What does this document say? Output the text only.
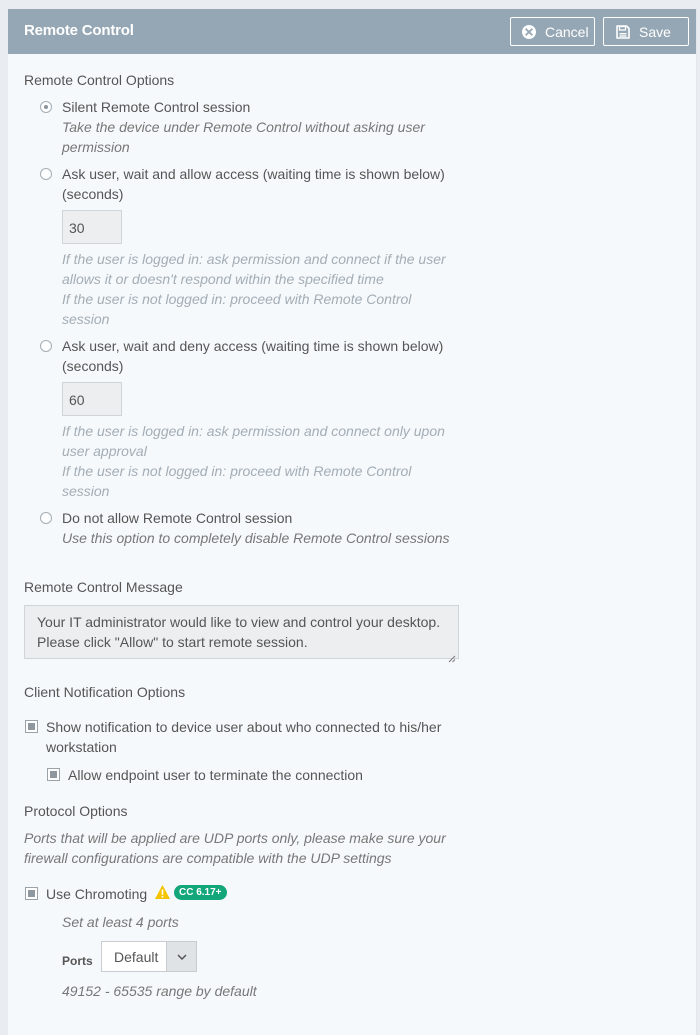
Remote Control	Cancel	Save
Remote Control Options
Silent Remote Control session
Take the device under Remote Control without asking user
permission
Ask user, wait and allow access (waiting time is shown below)
(seconds)
30
If the user is logged in: ask permission and connect if the user
allows it or doesn't respond within the specified time
If the user is not logged in: proceed with Remote Control
session
Ask user, wait and deny access (waiting time is shown below)
(seconds)
60
If the user is logged in: ask permission and connect only upon
user approval
If the user is not logged in: proceed with Remote Control
session
Do not allow Remote Control session
Use this option to completely disable Remote Control sessions
Remote Control Message
Your IT administrator would like to view and control your desktop.
Please click "Allow" to start remote session.
Client Notification Options
Show notification to device user about who connected to his/her
workstation
Allow endpoint user to terminate the connection
Protocol Options
Ports that will be applied are UDP ports only, please make sure your
firewall configurations are compatible with the UDP settings
Use Chromoting	CC 6.17+
Set at least 4 ports
Ports Default
49152 - 65535 range by default
